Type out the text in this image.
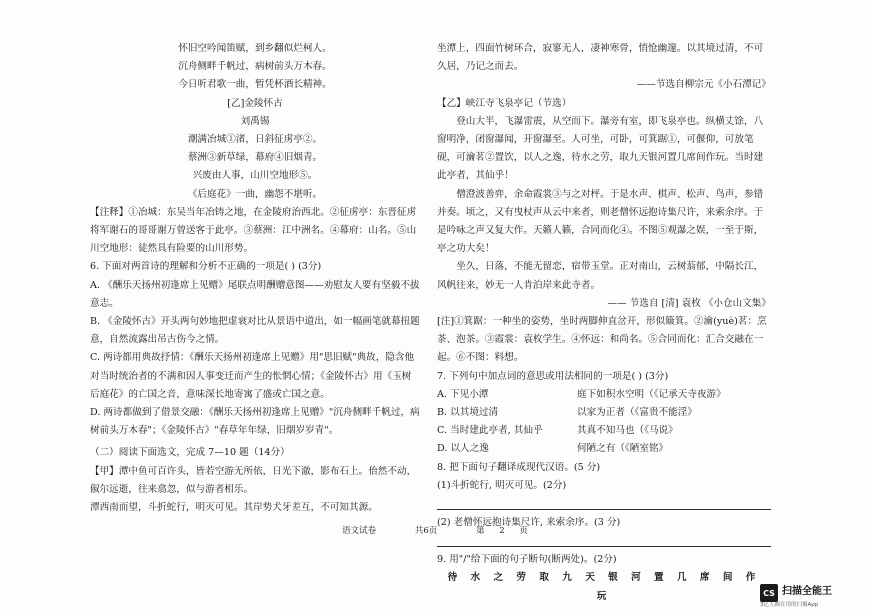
怀旧空吟闻笛赋，到乡翻似烂柯人。

沉舟侧畔千帆过，病树前头万木春。

今日听君歌一曲，暂凭杯酒长精神。

[乙]金陵怀古

刘禹锡

潮满冶城①渚，日斜征虏亭②。

蔡洲③新草绿，幕府④旧烟青。

兴废由人事，山川空地形⑤。

《后庭花》一曲，幽怨不堪听。

【注释】①冶城：东吴当年冶铸之地，在金陵府治西北。②征虏亭：东晋征虏将军谢石的哥哥谢万曾送客于此亭。③蔡洲：江中洲名。④幕府：山名。⑤山川空地形：徒然具有险要的山川形势。

6. 下面对两首诗的理解和分析不正确的一项是( ) (3分)

A. 《酬乐天扬州初逢席上见赠》尾联点明酬赠意图——劝慰友人要有坚毅不拔意志。

B. 《金陵怀古》开头两句妙地把虚衰对比从景语中道出，如一幅画笔就幕扭题意，自然流露出吊古伤今之情。

C. 两诗都用典故抒情：《酬乐天扬州初逢席上见赠》用"思旧赋"典故，隐含他对当时统治者的不满和因人事变迁而产生的怅惘心情；《金陵怀古》用《玉树后庭花》的亡国之音，意味深长地寄寓了盛或亡国之意。

D. 两诗都做到了借景交融：《酬乐天扬州初逢席上见赠》"沉舟侧畔千帆过，病树前头万木春"；《金陵怀古》"春草年年绿，旧烟岁岁青"。

（二）阅读下面选文，完成 7—10 题（14分）

【甲】潭中鱼可百许头，皆若空游无所依，日光下澈，影布石上。佁然不动，俶尔远逝，往来翕忽，似与游者相乐。

潭西南而望，斗折蛇行，明灭可见。其岸势犬牙差互，不可知其源。

坐潭上，四面竹树环合，寂寥无人，凄神寒骨，悄怆幽邃。以其境过清，不可久居，乃记之而去。

——节选自柳宗元《小石潭记》

【乙】峡江寺飞泉亭记（节选）

登山大半，飞瀑雷震，从空而下。瀑旁有室，即飞泉亭也。纵横丈馀，八窗明净，闭窗瀑闻，开窗瀑至。人可坐，可卧，可箕踞①，可偃仰，可放笔砚，可瀹茗②置饮，以人之逸，待水之劳，取九天银河置几席间作玩。当时建此亭者，其仙乎！

僧澄波善弈，余命霞裳③与之对枰。于是水声、棋声、松声、鸟声，参错并奏。顷之，又有曳杖声从云中来者，则老僧怀远抱诗集尺许，来索余序。于是吟咏之声又复大作。天籁人籁，合同而化④。不图⑤观瀑之娱，一至于斯，亭之功大矣！

坐久，日落，不能无留恋，宿带玉堂。正对南山，云树蓊郁，中隔长江，风帆往来，妙无一人肯泊岸来此寺者。

—— 节选自 [清] 袁枚 《小仓山文集》

[注]①箕踞：一种坐的姿势，坐时两脚伸直岔开，形似簸箕。②瀹(yuè)茗：烹茶、泡茶。③霞裳：袁枚学生。④怀远：和尚名。⑤合同而化：汇合交融在一起。⑥不图：料想。

7. 下列句中加点词的意思或用法相同的一项是( ) (3分)

A. 下见小潭	庭下如积水空明（《记承天寺夜游》
B. 以其境过清	以家为正者（《富贵不能淫》
C. 当时建此亭者, 其仙乎	其真不知马也（《马说》
D. 以人之逸	何陋之有（《陋室铭》

8. 把下面句子翻译成现代汉语。(5 分)

(1)斗折蛇行, 明灭可见。(2分)

(2) 老僧怀远抱诗集尺许, 来索余序。(3 分)

9. 用"/"给下面的句子断句(断两处)。(2分)

待 水 之 劳 取 九 天 银 河 置 几 席 间 作 玩

语文试卷	共6页	第 2 页
CS 扫描全能王
3亿人都在用的扫描App
